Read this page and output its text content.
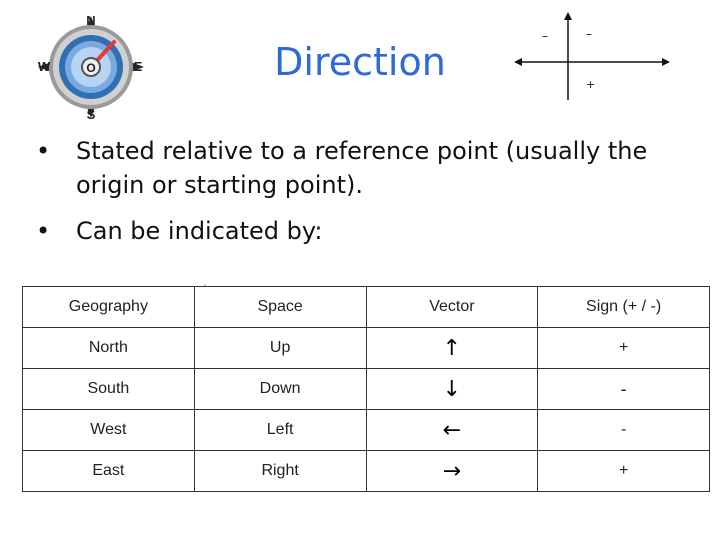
N
S
W	E
O	Direction
–	–
+
• Stated relative to a reference point (usually the origin or starting point).
• Can be indicated by:
ˏ
Geography	Space	Vector	Sign (+ / -)
North	Up	↑	+
South	Down	↓	-
West	Left	←	-
East	Right	→	+
